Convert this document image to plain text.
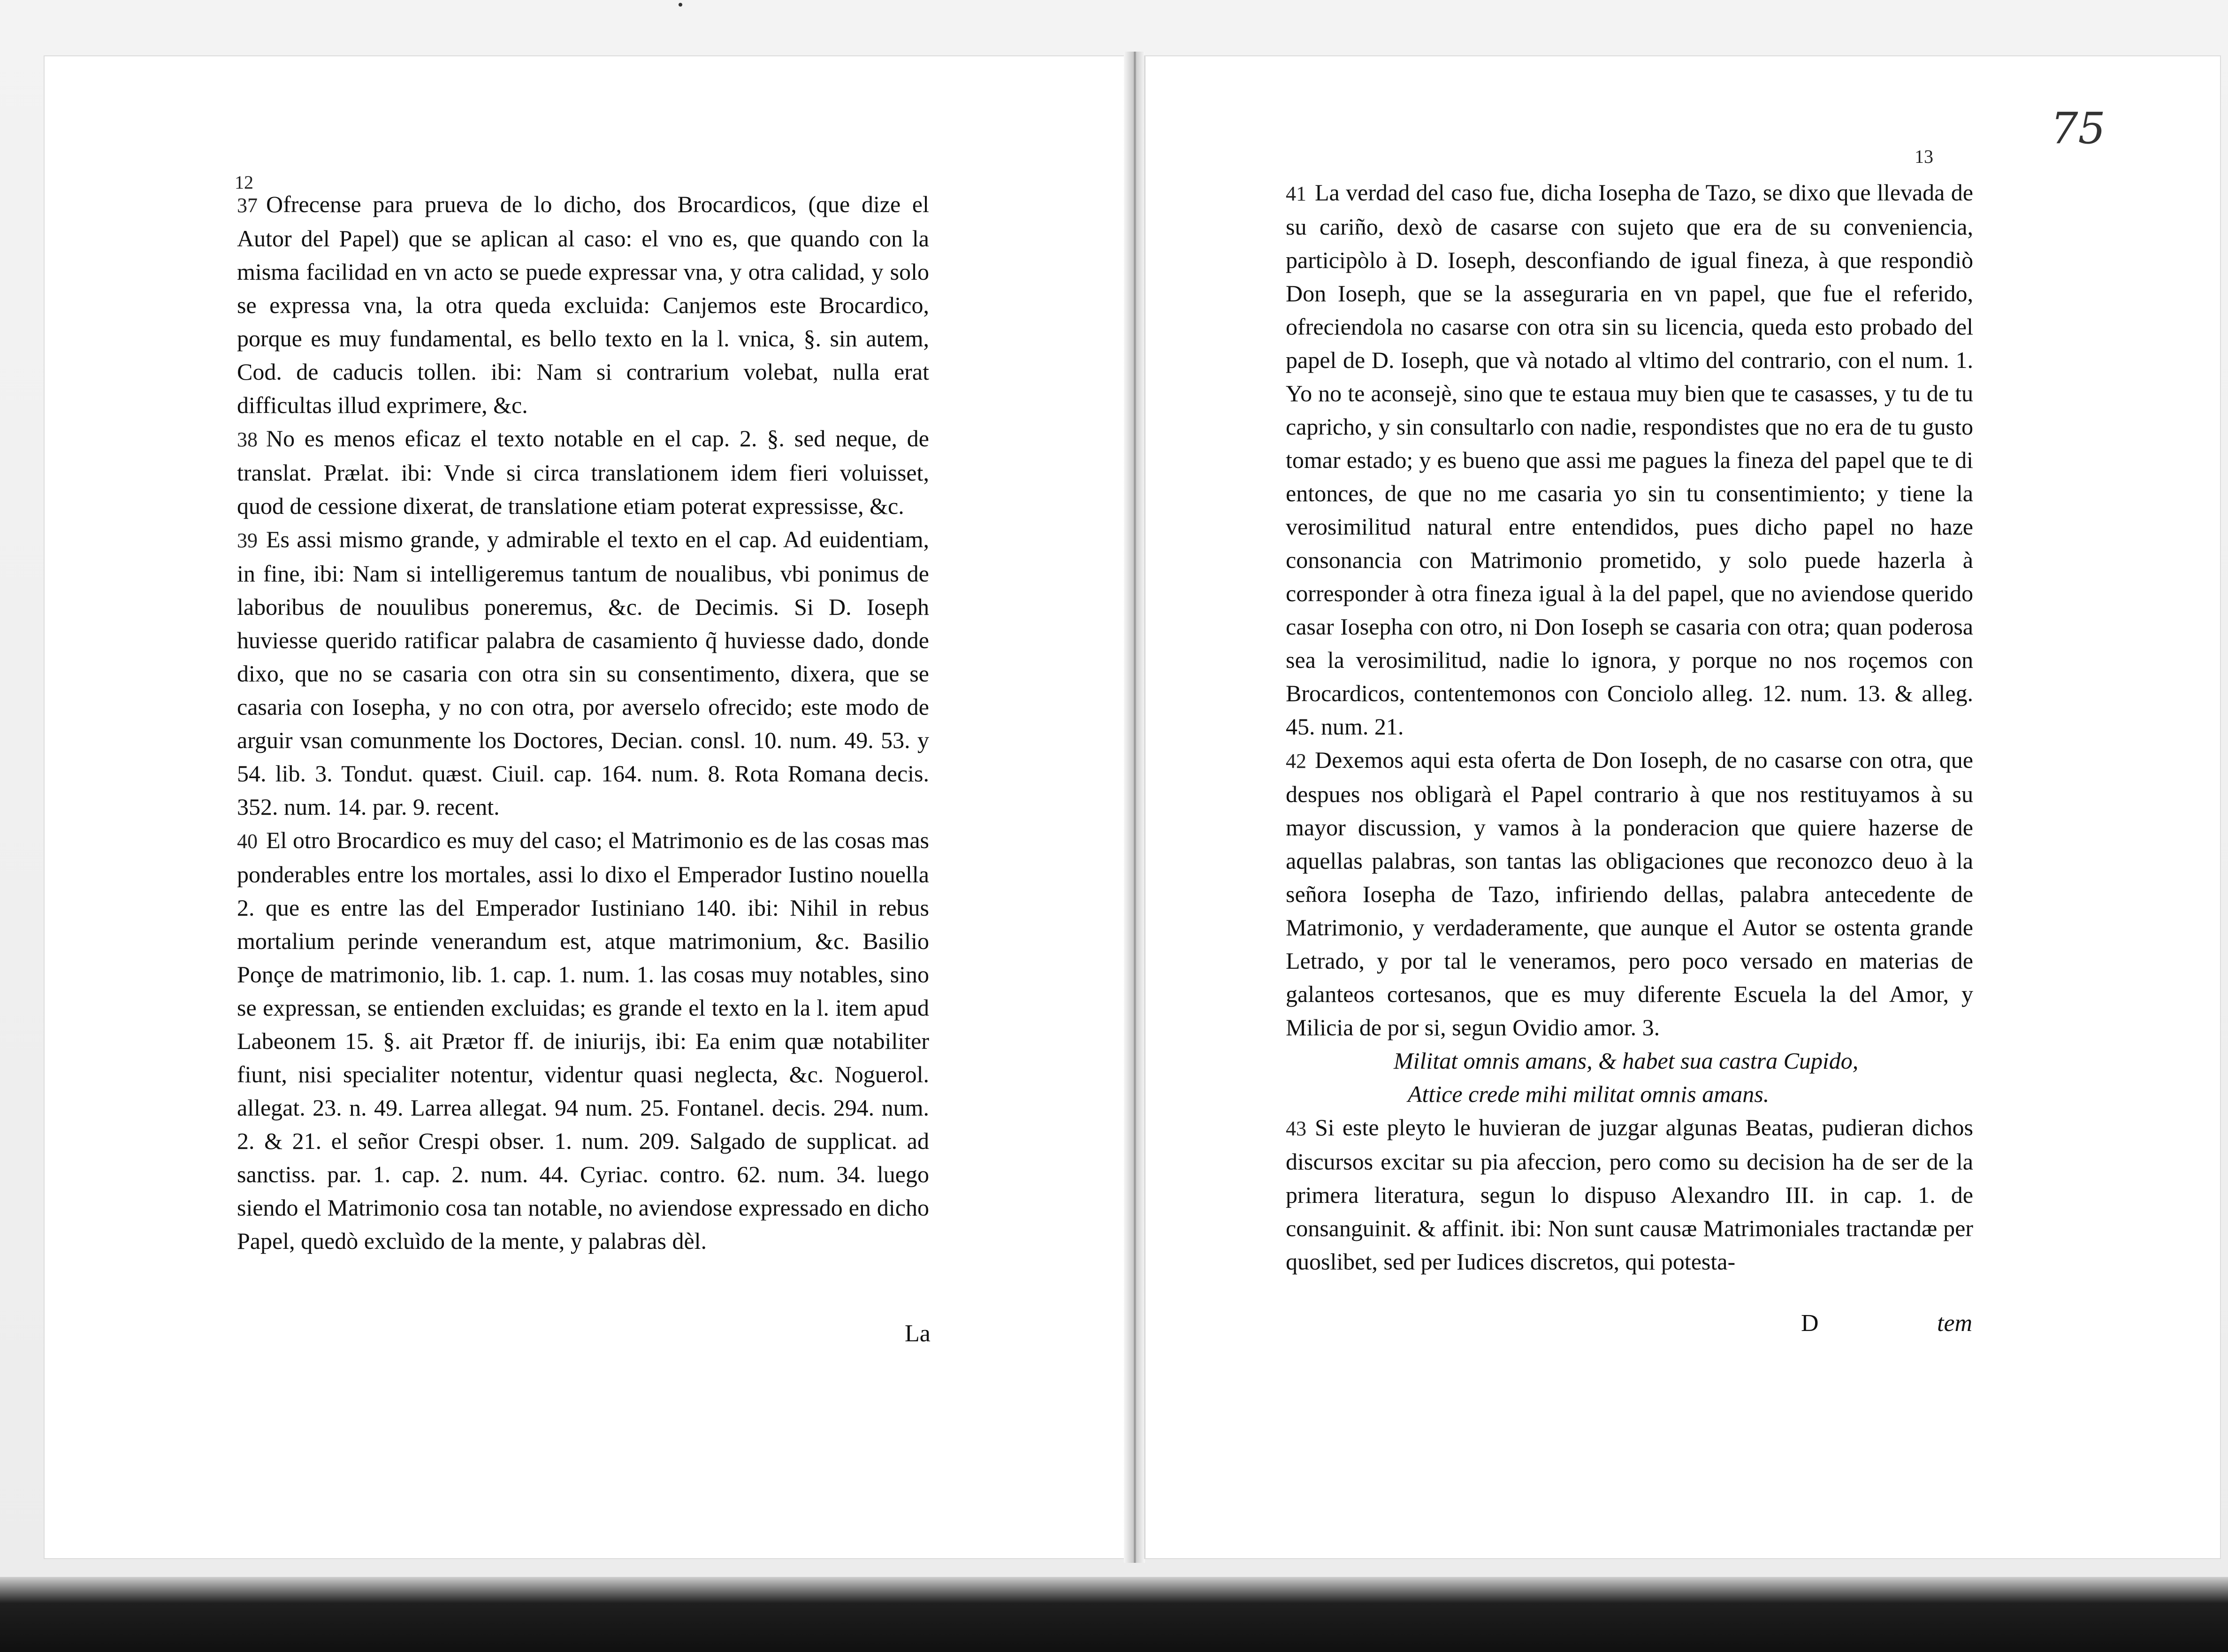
12

37 Ofrecense para prueva de lo dicho, dos Brocardicos, (que dize el Autor del Papel) que se aplican al caso: el vno es, que quando con la misma facilidad en vn acto se puede expressar vna, y otra calidad, y solo se expressa vna, la otra queda excluida: Canjemos este Brocardico, porque es muy fundamental, es bello texto en la l. vnica, §. sin autem, Cod. de caducis tollen. ibi: Nam si contrarium volebat, nulla erat difficultas illud exprimere, &c.

38 No es menos eficaz el texto notable en el cap. 2. §. sed neque, de translat. Prælat. ibi: Vnde si circa translationem idem fieri voluisset, quod de cessione dixerat, de translatione etiam poterat expressisse, &c.

39 Es assi mismo grande, y admirable el texto en el cap. Ad euidentiam, in fine, ibi: Nam si intelligeremus tantum de noualibus, vbi ponimus de laboribus de nouulibus poneremus, &c. de Decimis. Si D. Ioseph huviesse querido ratificar palabra de casamiento q̃ huviesse dado, donde dixo, que no se casaria con otra sin su consentimento, dixera, que se casaria con Iosepha, y no con otra, por averselo ofrecido; este modo de arguir vsan comunmente los Doctores, Decian. consl. 10. num. 49. 53. y 54. lib. 3. Tondut. quæst. Ciuil. cap. 164. num. 8. Rota Romana decis. 352. num. 14. par. 9. recent.

40 El otro Brocardico es muy del caso; el Matrimonio es de las cosas mas ponderables entre los mortales, assi lo dixo el Emperador Iustino nouella 2. que es entre las del Emperador Iustiniano 140. ibi: Nihil in rebus mortalium perinde venerandum est, atque matrimonium, &c. Basilio Ponçe de matrimonio, lib. 1. cap. 1. num. 1. las cosas muy notables, sino se expressan, se entienden excluidas; es grande el texto en la l. item apud Labeonem 15. §. ait Prætor ff. de iniurijs, ibi: Ea enim quæ notabiliter fiunt, nisi specialiter notentur, videntur quasi neglecta, &c. Noguerol. allegat. 23. n. 49. Larrea allegat. 94 num. 25. Fontanel. decis. 294. num. 2. & 21. el señor Crespi obser. 1. num. 209. Salgado de supplicat. ad sanctiss. par. 1. cap. 2. num. 44. Cyriac. contro. 62. num. 34. luego siendo el Matrimonio cosa tan notable, no aviendose expressado en dicho Papel, quedò excluìdo de la mente, y palabras dèl.

La
75
13

41 La verdad del caso fue, dicha Iosepha de Tazo, se dixo que llevada de su cariño, dexò de casarse con sujeto que era de su conveniencia, participòlo à D. Ioseph, desconfiando de igual fineza, à que respondiò Don Ioseph, que se la asseguraria en vn papel, que fue el referido, ofreciendola no casarse con otra sin su licencia, queda esto probado del papel de D. Ioseph, que và notado al vltimo del contrario, con el num. 1. Yo no te aconsejè, sino que te estaua muy bien que te casasses, y tu de tu capricho, y sin consultarlo con nadie, respondistes que no era de tu gusto tomar estado; y es bueno que assi me pagues la fineza del papel que te di entonces, de que no me casaria yo sin tu consentimiento; y tiene la verosimilitud natural entre entendidos, pues dicho papel no haze consonancia con Matrimonio prometido, y solo puede hazerla à corresponder à otra fineza igual à la del papel, que no aviendose querido casar Iosepha con otro, ni Don Ioseph se casaria con otra; quan poderosa sea la verosimilitud, nadie lo ignora, y porque no nos roçemos con Brocardicos, contentemonos con Conciolo alleg. 12. num. 13. & alleg. 45. num. 21.

42 Dexemos aqui esta oferta de Don Ioseph, de no casarse con otra, que despues nos obligarà el Papel contrario à que nos restituyamos à su mayor discussion, y vamos à la ponderacion que quiere hazerse de aquellas palabras, son tantas las obligaciones que reconozco deuo à la señora Iosepha de Tazo, infiriendo dellas, palabra antecedente de Matrimonio, y verdaderamente, que aunque el Autor se ostenta grande Letrado, y por tal le veneramos, pero poco versado en materias de galanteos cortesanos, que es muy diferente Escuela la del Amor, y Milicia de por si, segun Ovidio amor. 3.

Militat omnis amans, & habet sua castra Cupido,

Attice crede mihi militat omnis amans.

43 Si este pleyto le huvieran de juzgar algunas Beatas, pudieran dichos discursos excitar su pia afeccion, pero como su decision ha de ser de la primera literatura, segun lo dispuso Alexandro III. in cap. 1. de consanguinit. & affinit. ibi: Non sunt causæ Matrimoniales tractandæ per quoslibet, sed per Iudices discretos, qui potesta-

D	tem
